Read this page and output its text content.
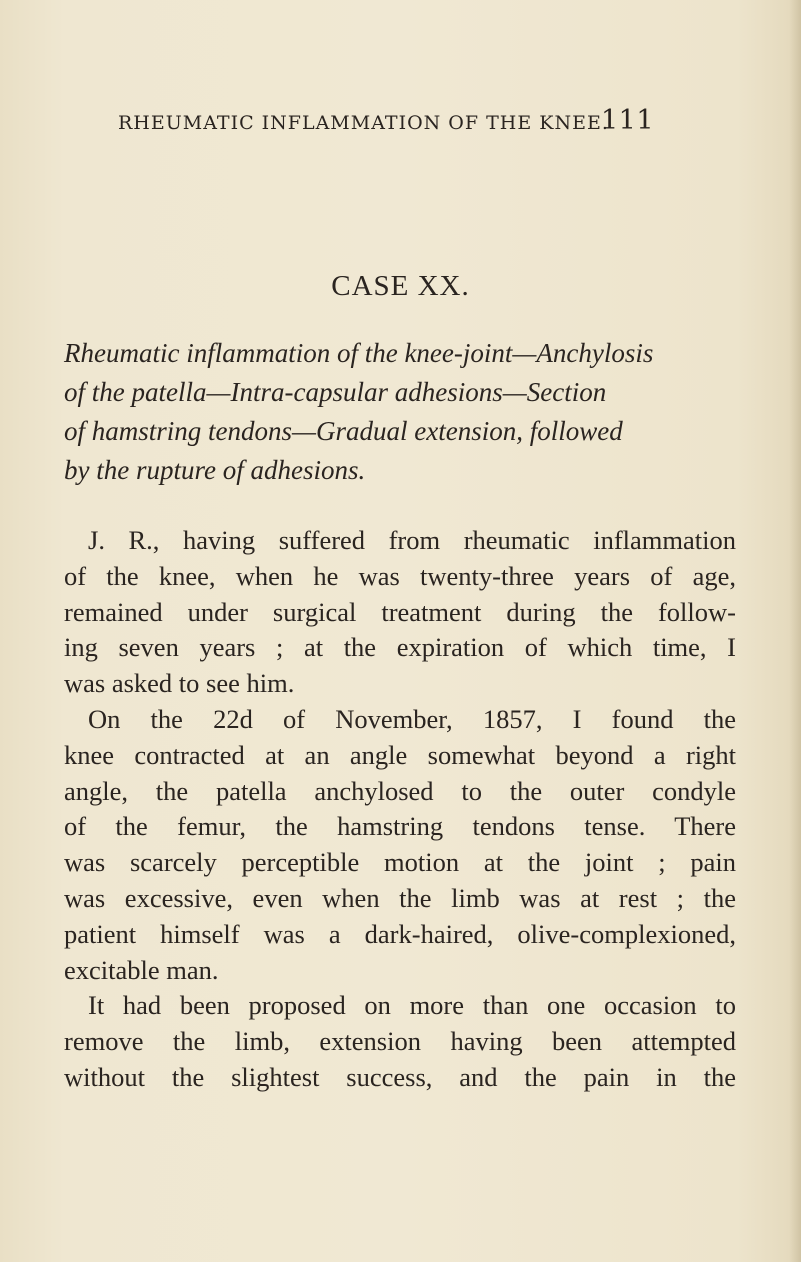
RHEUMATIC INFLAMMATION OF THE KNEE.
111
CASE XX.
Rheumatic inflammation of the knee-joint—Anchylosis
of the patella—Intra-capsular adhesions—Section
of hamstring tendons—Gradual extension, followed
by the rupture of adhesions.
J. R., having suffered from rheumatic inflammation
of the knee, when he was twenty-three years of age,
remained under surgical treatment during the follow-
ing seven years ; at the expiration of which time, I
was asked to see him.
On the 22d of November, 1857, I found the
knee contracted at an angle somewhat beyond a right
angle, the patella anchylosed to the outer condyle
of the femur, the hamstring tendons tense. There
was scarcely perceptible motion at the joint ; pain
was excessive, even when the limb was at rest ; the
patient himself was a dark-haired, olive-complexioned,
excitable man.
It had been proposed on more than one occasion to
remove the limb, extension having been attempted
without the slightest success, and the pain in the
